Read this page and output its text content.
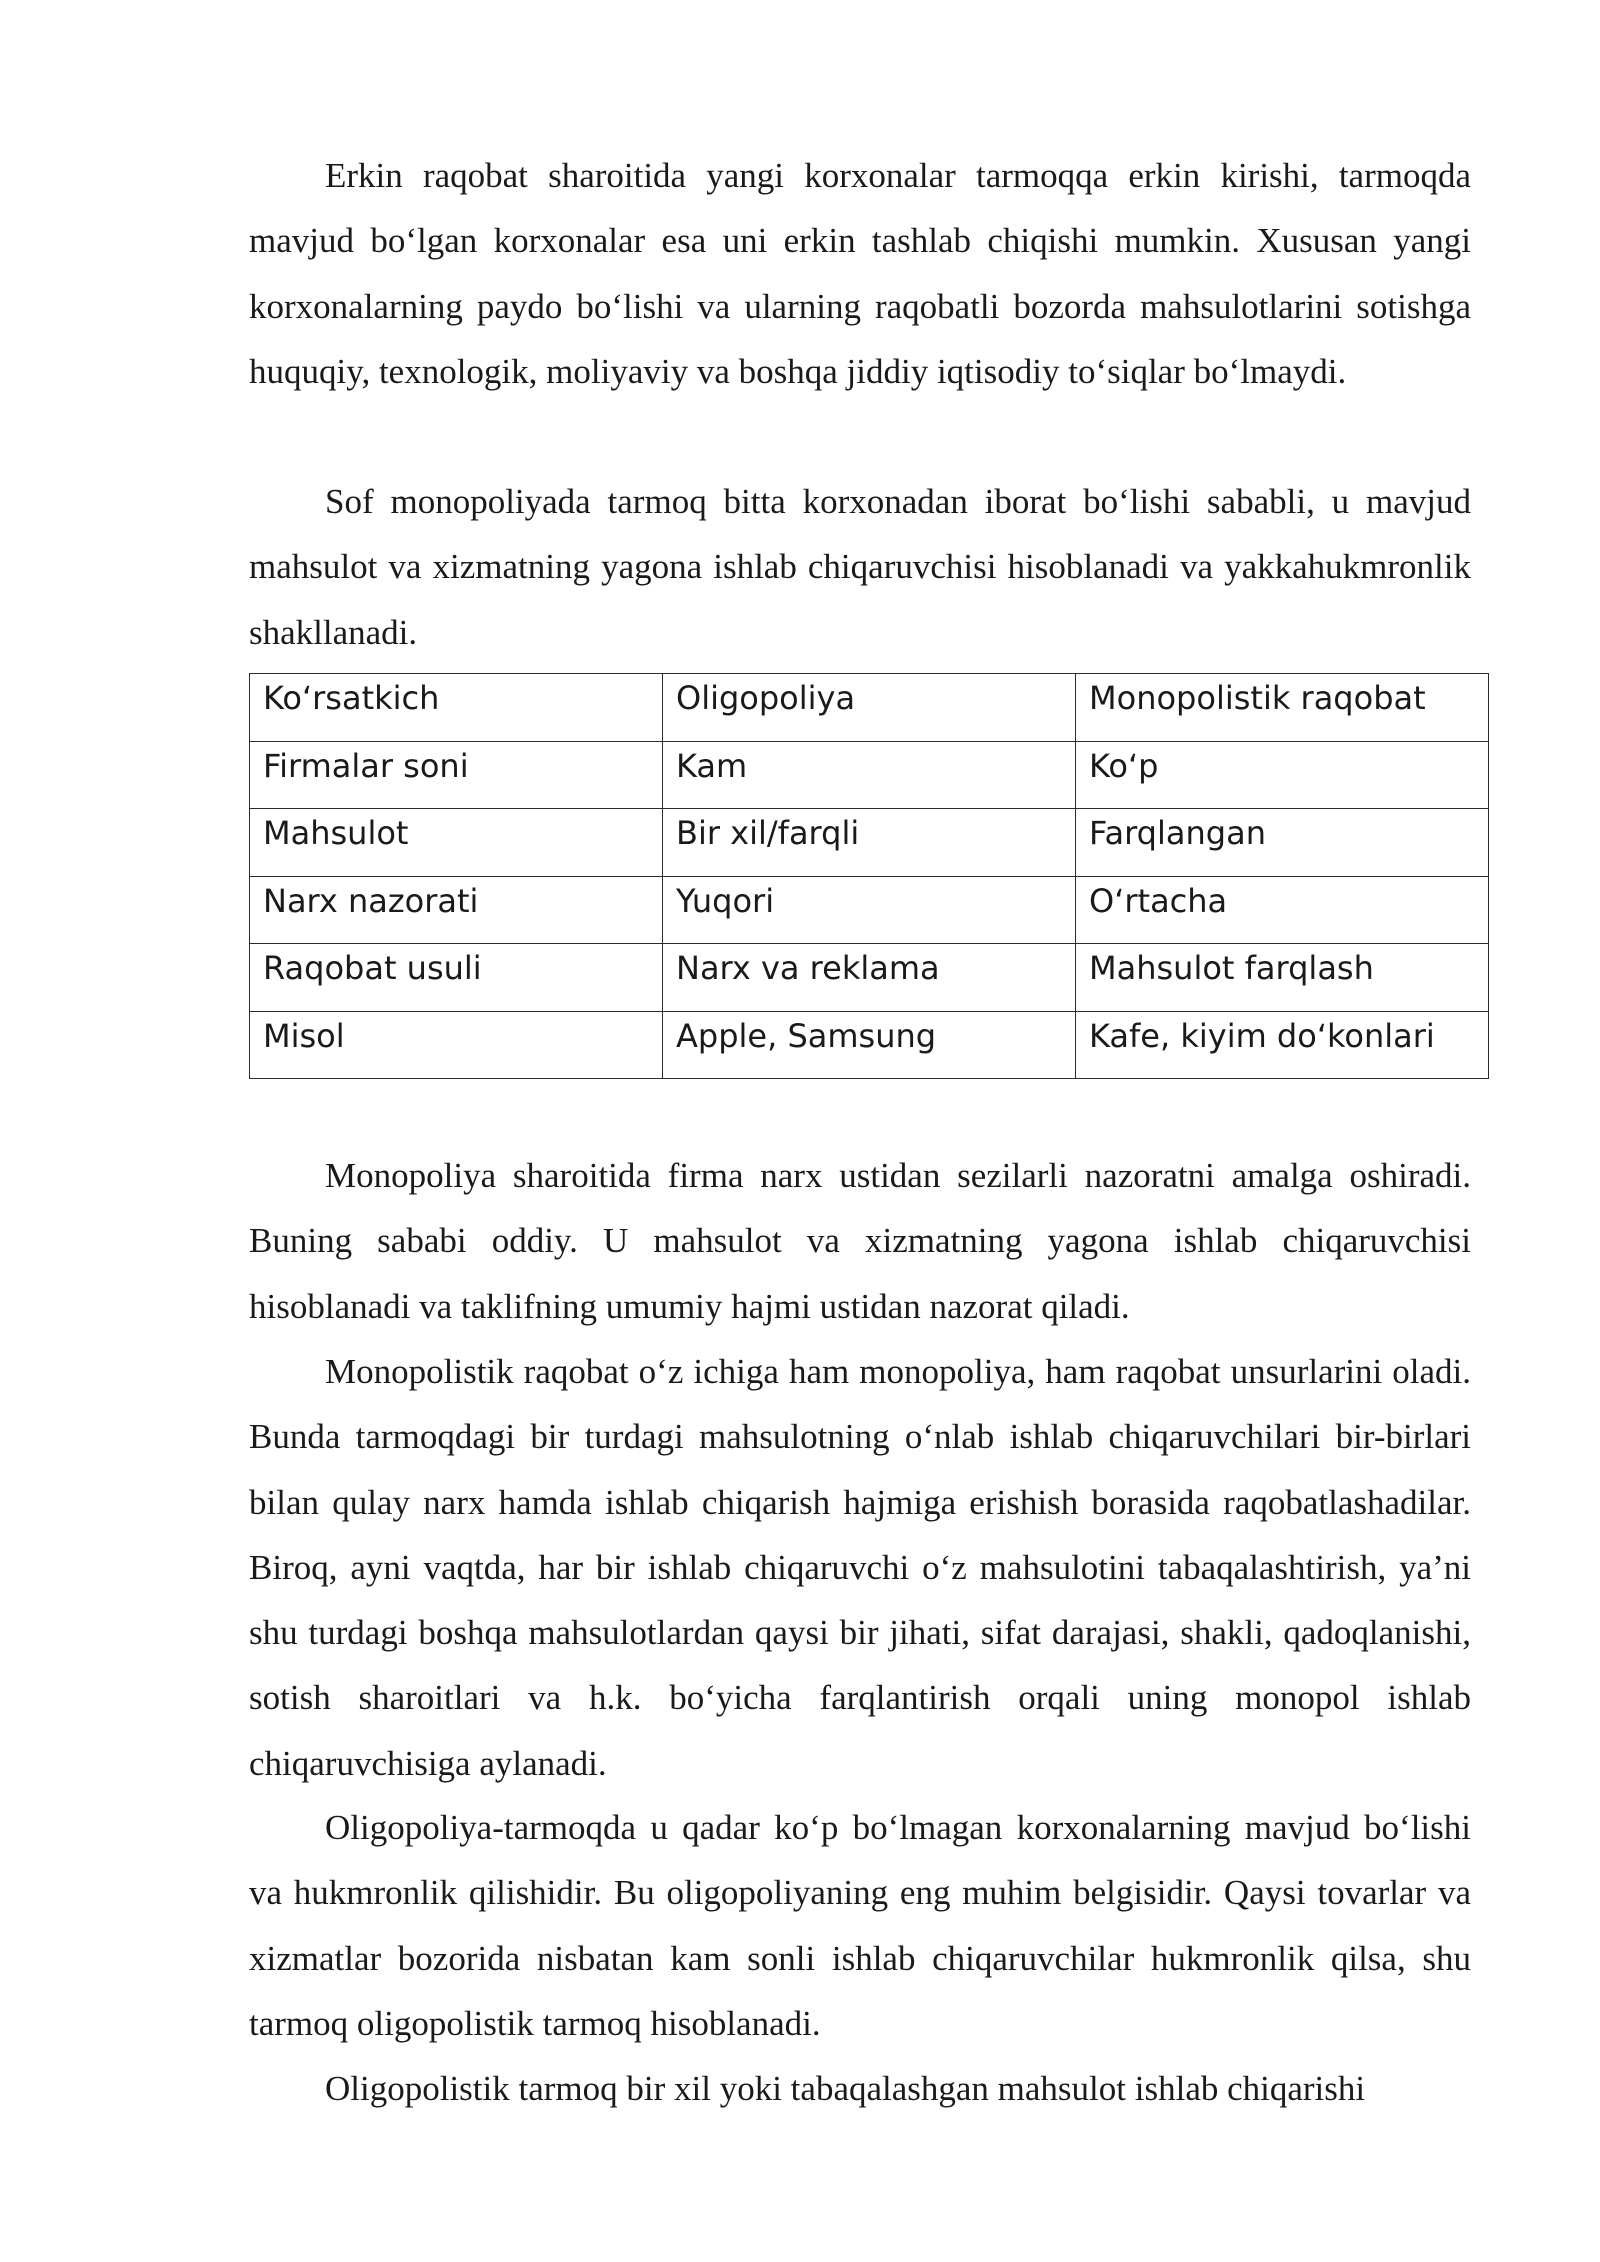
Erkin raqobat sharoitida yangi korxonalar tarmoqqa erkin kirishi, tarmoqda mavjud bo‘lgan korxonalar esa uni erkin tashlab chiqishi mumkin. Xususan yangi korxonalarning paydo bo‘lishi va ularning raqobatli bozorda mahsulotlarini sotishga huquqiy, texnologik, moliyaviy va boshqa jiddiy iqtisodiy to‘siqlar bo‘lmaydi.

Sof monopoliyada tarmoq bitta korxonadan iborat bo‘lishi sababli, u mavjud mahsulot va xizmatning yagona ishlab chiqaruvchisi hisoblanadi va yakkahukmronlik shakllanadi.

Ko‘rsatkich	Oligopoliya	Monopolistik raqobat
Firmalar soni	Kam	Ko‘p
Mahsulot	Bir xil/farqli	Farqlangan
Narx nazorati	Yuqori	O‘rtacha
Raqobat usuli	Narx va reklama	Mahsulot farqlash
Misol	Apple, Samsung	Kafe, kiyim do‘konlari

Monopoliya sharoitida firma narx ustidan sezilarli nazoratni amalga oshiradi. Buning sababi oddiy. U mahsulot va xizmatning yagona ishlab chiqaruvchisi hisoblanadi va taklifning umumiy hajmi ustidan nazorat qiladi.

Monopolistik raqobat o‘z ichiga ham monopoliya, ham raqobat unsurlarini oladi. Bunda tarmoqdagi bir turdagi mahsulotning o‘nlab ishlab chiqaruvchilari bir-birlari bilan qulay narx hamda ishlab chiqarish hajmiga erishish borasida raqobatlashadilar. Biroq, ayni vaqtda, har bir ishlab chiqaruvchi o‘z mahsulotini tabaqalashtirish, ya’ni shu turdagi boshqa mahsulotlardan qaysi bir jihati, sifat darajasi, shakli, qadoqlanishi, sotish sharoitlari va h.k. bo‘yicha farqlantirish orqali uning monopol ishlab chiqaruvchisiga aylanadi.

Oligopoliya-tarmoqda u qadar ko‘p bo‘lmagan korxonalarning mavjud bo‘lishi va hukmronlik qilishidir. Bu oligopoliyaning eng muhim belgisidir. Qaysi tovarlar va xizmatlar bozorida nisbatan kam sonli ishlab chiqaruvchilar hukmronlik qilsa, shu tarmoq oligopolistik tarmoq hisoblanadi.

Oligopolistik tarmoq bir xil yoki tabaqalashgan mahsulot ishlab chiqarishi
